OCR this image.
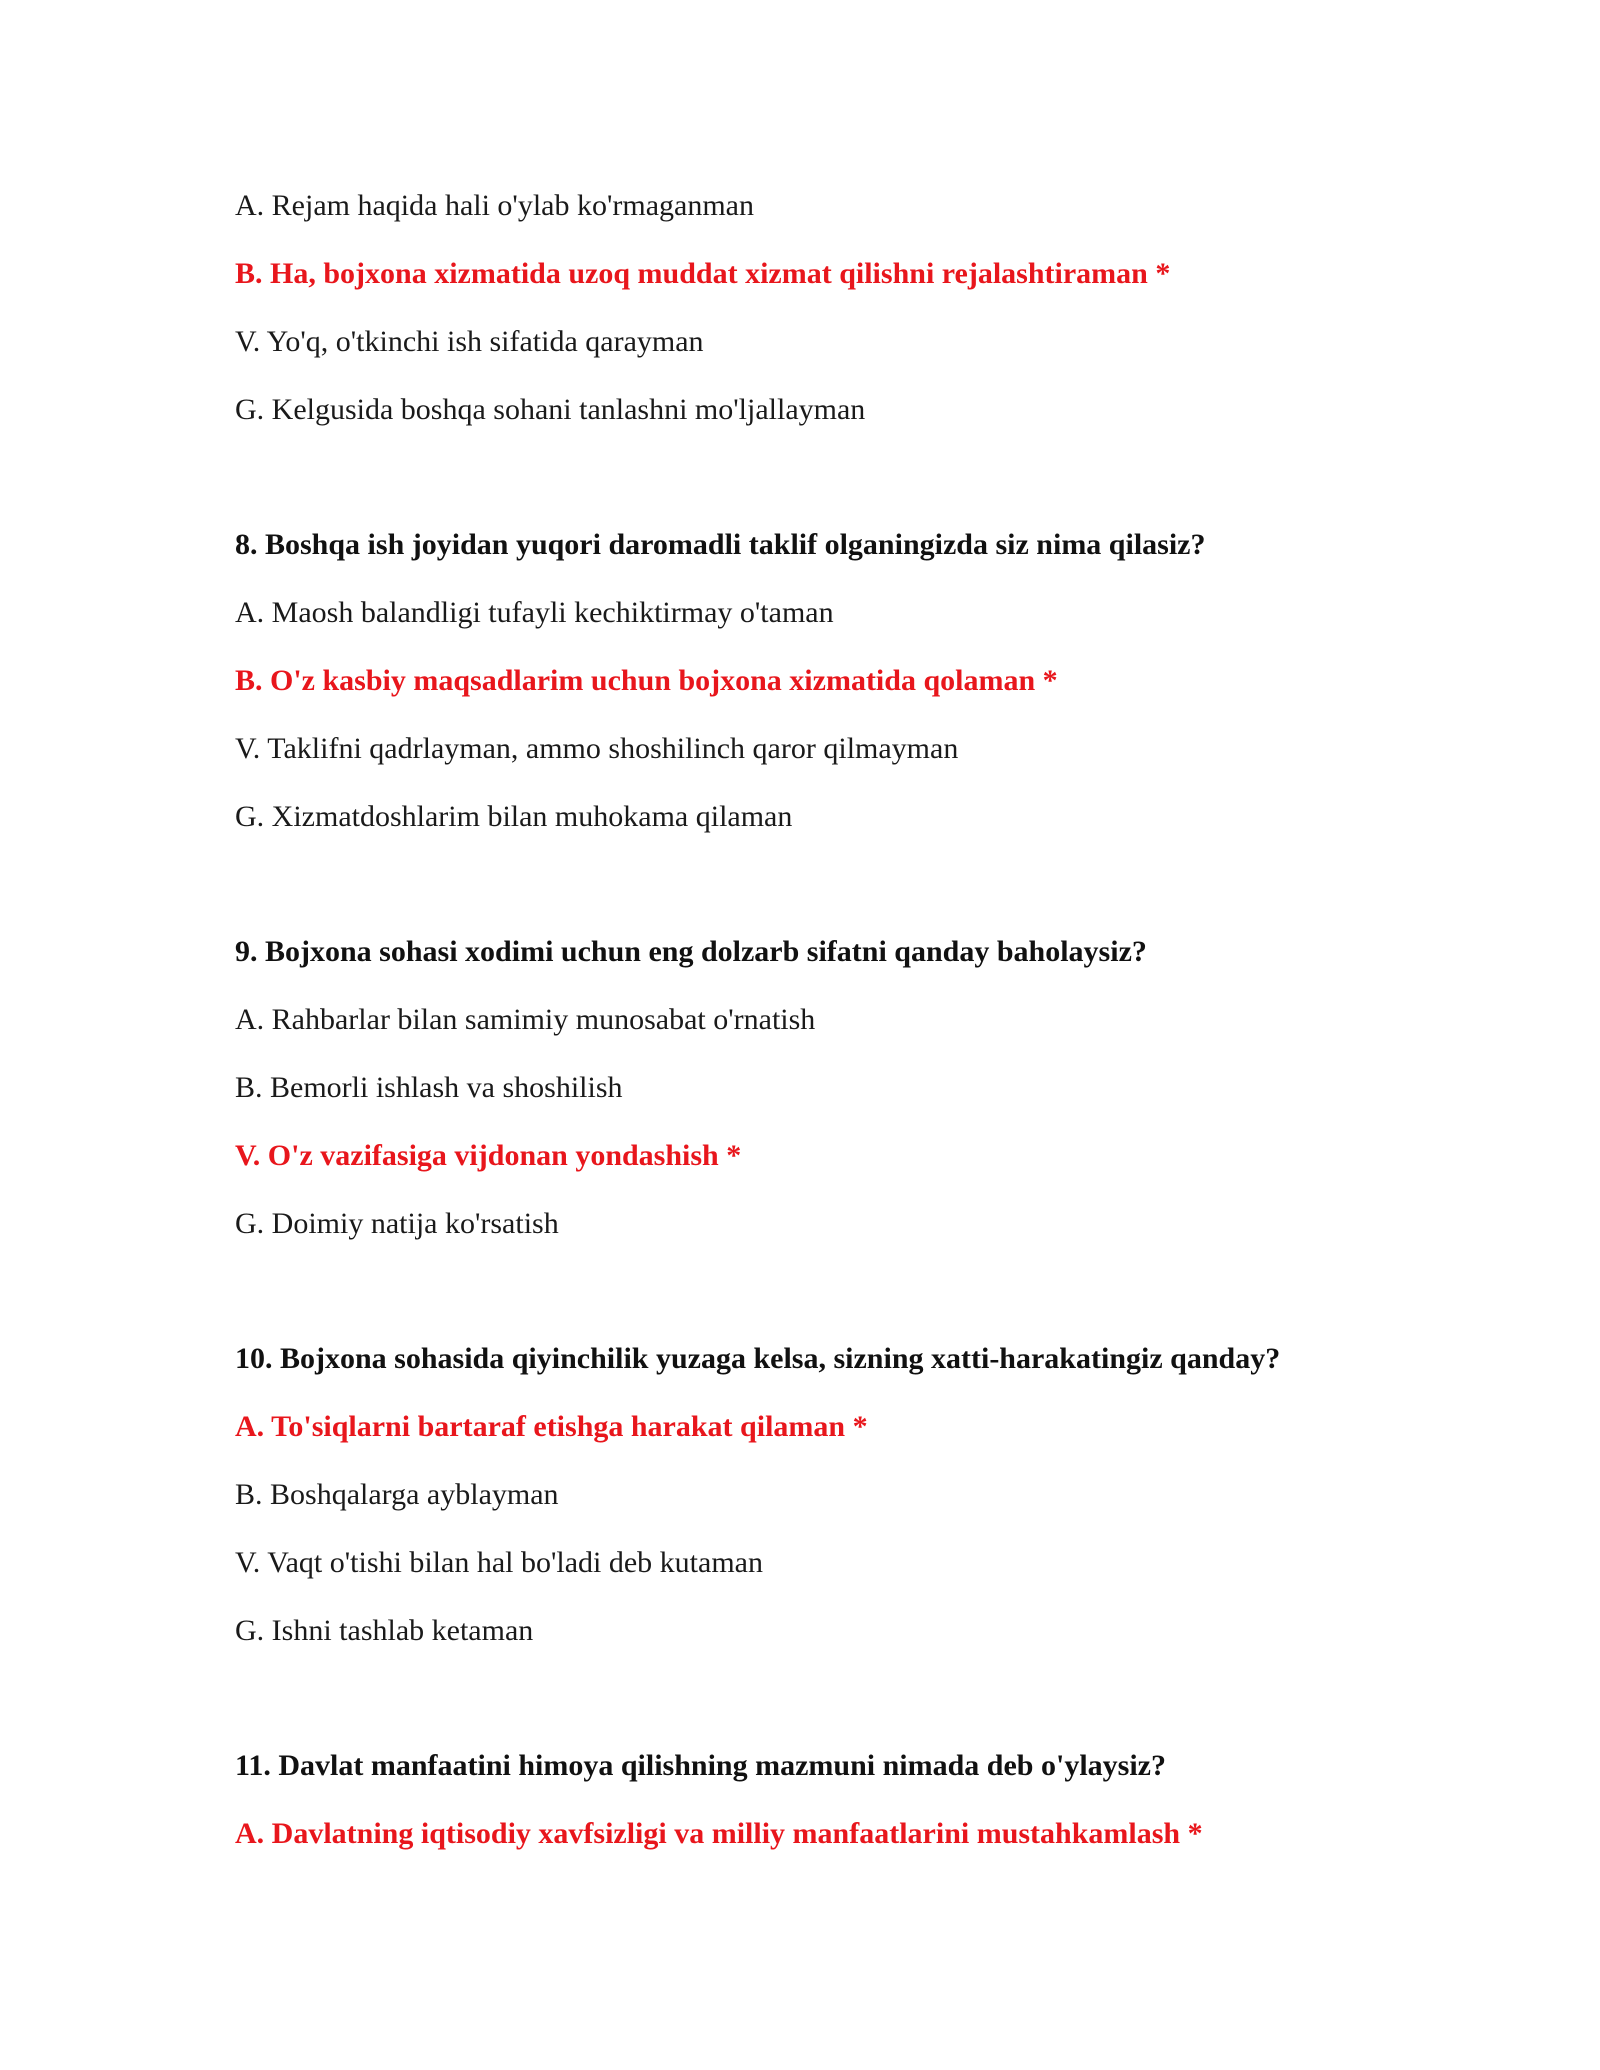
A. Rejam haqida hali o'ylab ko'rmaganman
B. Ha, bojxona xizmatida uzoq muddat xizmat qilishni rejalashtiraman *
V. Yo'q, o'tkinchi ish sifatida qarayman
G. Kelgusida boshqa sohani tanlashni mo'ljallayman
8. Boshqa ish joyidan yuqori daromadli taklif olganingizda siz nima qilasiz?
A. Maosh balandligi tufayli kechiktirmay o'taman
B. O'z kasbiy maqsadlarim uchun bojxona xizmatida qolaman *
V. Taklifni qadrlayman, ammo shoshilinch qaror qilmayman
G. Xizmatdoshlarim bilan muhokama qilaman
9. Bojxona sohasi xodimi uchun eng dolzarb sifatni qanday baholaysiz?
A. Rahbarlar bilan samimiy munosabat o'rnatish
B. Bemorli ishlash va shoshilish
V. O'z vazifasiga vijdonan yondashish *
G. Doimiy natija ko'rsatish
10. Bojxona sohasida qiyinchilik yuzaga kelsa, sizning xatti-harakatingiz qanday?
A. To'siqlarni bartaraf etishga harakat qilaman *
B. Boshqalarga ayblayman
V. Vaqt o'tishi bilan hal bo'ladi deb kutaman
G. Ishni tashlab ketaman
11. Davlat manfaatini himoya qilishning mazmuni nimada deb o'ylaysiz?
A. Davlatning iqtisodiy xavfsizligi va milliy manfaatlarini mustahkamlash *
